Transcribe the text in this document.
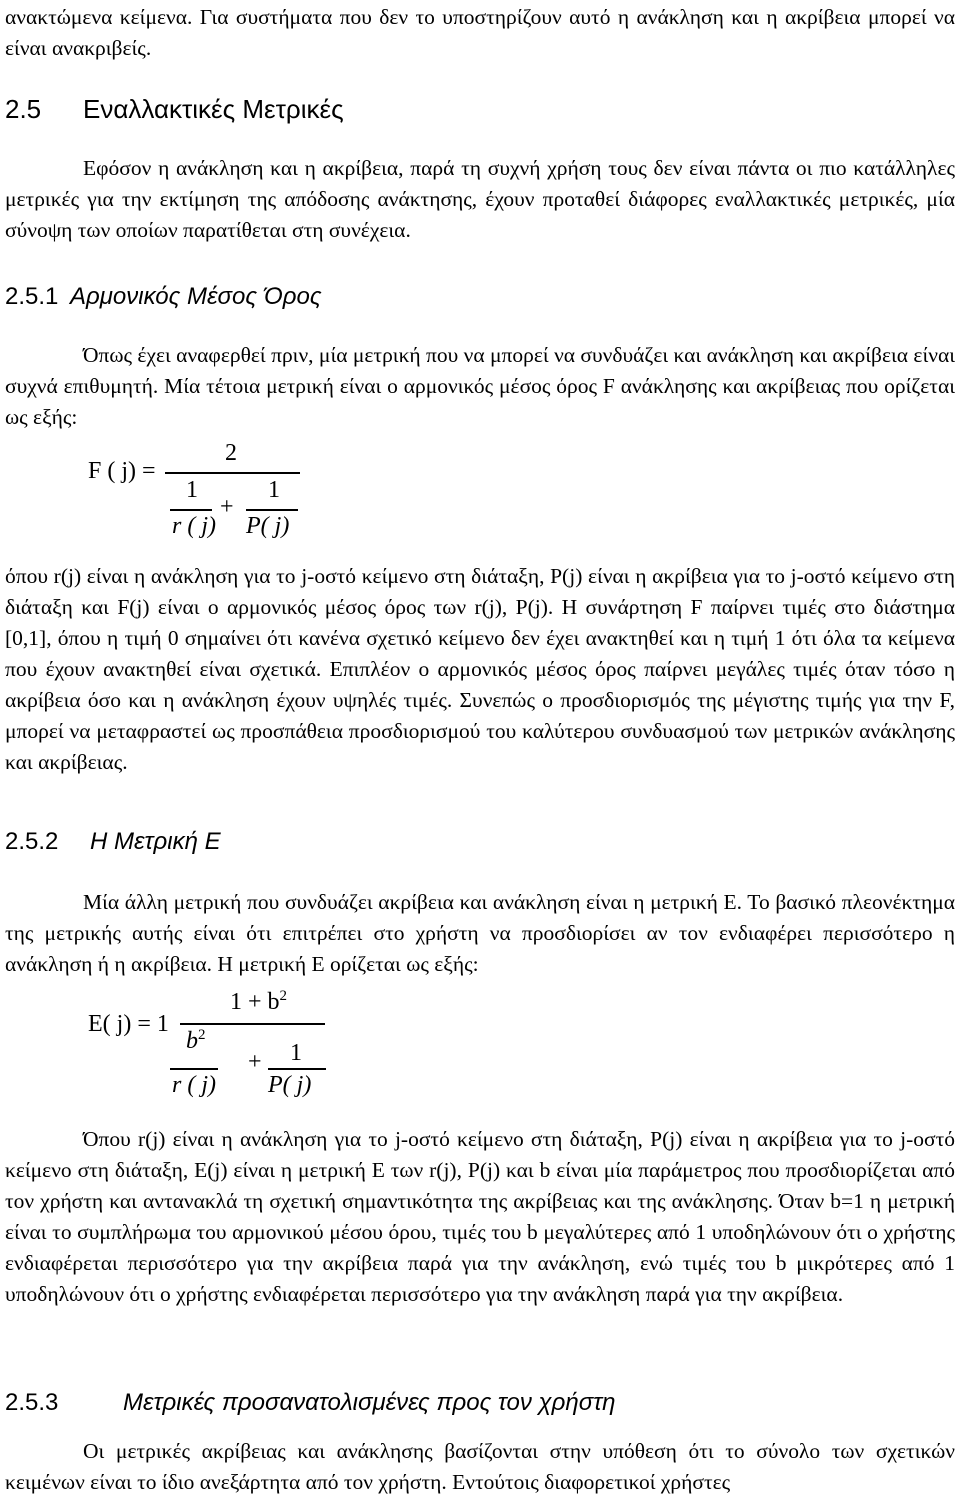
ανακτώμενα κείμενα. Για συστήματα που δεν το υποστηρίζουν αυτό η ανάκληση και η ακρίβεια μπορεί να είναι ανακριβείς.

2.5 Εναλλακτικές Μετρικές

Εφόσον η ανάκληση και η ακρίβεια, παρά τη συχνή χρήση τους δεν είναι πάντα οι πιο κατάλληλες μετρικές για την εκτίμηση της απόδοσης ανάκτησης, έχουν προταθεί διάφορες εναλλακτικές μετρικές, μία σύνοψη των οποίων παρατίθεται στη συνέχεια.

2.5.1 Αρμονικός Μέσος Όρος

Όπως έχει αναφερθεί πριν, μία μετρική που να μπορεί να συνδυάζει και ανάκληση και ακρίβεια είναι συχνά επιθυμητή. Μία τέτοια μετρική είναι ο αρμονικός μέσος όρος F ανάκλησης και ακρίβειας που ορίζεται ως εξής:

F ( j) =
2
1	1
+
r ( j) P( j)

όπου r(j) είναι η ανάκληση για το j-οστό κείμενο στη διάταξη, P(j) είναι η ακρίβεια για το j-οστό κείμενο στη διάταξη και F(j) είναι ο αρμονικός μέσος όρος των r(j), P(j). Η συνάρτηση F παίρνει τιμές στο διάστημα [0,1], όπου η τιμή 0 σημαίνει ότι κανένα σχετικό κείμενο δεν έχει ανακτηθεί και η τιμή 1 ότι όλα τα κείμενα που έχουν ανακτηθεί είναι σχετικά. Επιπλέον ο αρμονικός μέσος όρος παίρνει μεγάλες τιμές όταν τόσο η ακρίβεια όσο και η ανάκληση έχουν υψηλές τιμές. Συνεπώς ο προσδιορισμός της μέγιστης τιμής για την F, μπορεί να μεταφραστεί ως προσπάθεια προσδιορισμού του καλύτερου συνδυασμού των μετρικών ανάκλησης και ακρίβειας.

2.5.2 Η Μετρική Ε

Μία άλλη μετρική που συνδυάζει ακρίβεια και ανάκληση είναι η μετρική Ε. Το βασικό πλεονέκτημα της μετρικής αυτής είναι ότι επιτρέπει στο χρήστη να προσδιορίσει αν τον ενδιαφέρει περισσότερο η ανάκληση ή η ακρίβεια. Η μετρική Ε ορίζεται ως εξής:

E( j) = 1
$1 + b^2$
$b^2$
1
+
r ( j) P( j)

Όπου r(j) είναι η ανάκληση για το j-οστό κείμενο στη διάταξη, P(j) είναι η ακρίβεια για το j-οστό κείμενο στη διάταξη, E(j) είναι η μετρική Ε των r(j), P(j) και b είναι μία παράμετρος που προσδιορίζεται από τον χρήστη και αντανακλά τη σχετική σημαντικότητα της ακρίβειας και της ανάκλησης. Όταν b=1 η μετρική είναι το συμπλήρωμα του αρμονικού μέσου όρου, τιμές του b μεγαλύτερες από 1 υποδηλώνουν ότι ο χρήστης ενδιαφέρεται περισσότερο για την ακρίβεια παρά για την ανάκληση, ενώ τιμές του b μικρότερες από 1 υποδηλώνουν ότι ο χρήστης ενδιαφέρεται περισσότερο για την ανάκληση παρά για την ακρίβεια.

2.5.3	Μετρικές προσανατολισμένες προς τον χρήστη

Οι μετρικές ακρίβειας και ανάκλησης βασίζονται στην υπόθεση ότι το σύνολο των σχετικών κειμένων είναι το ίδιο ανεξάρτητα από τον χρήστη. Εντούτοις διαφορετικοί χρήστες
